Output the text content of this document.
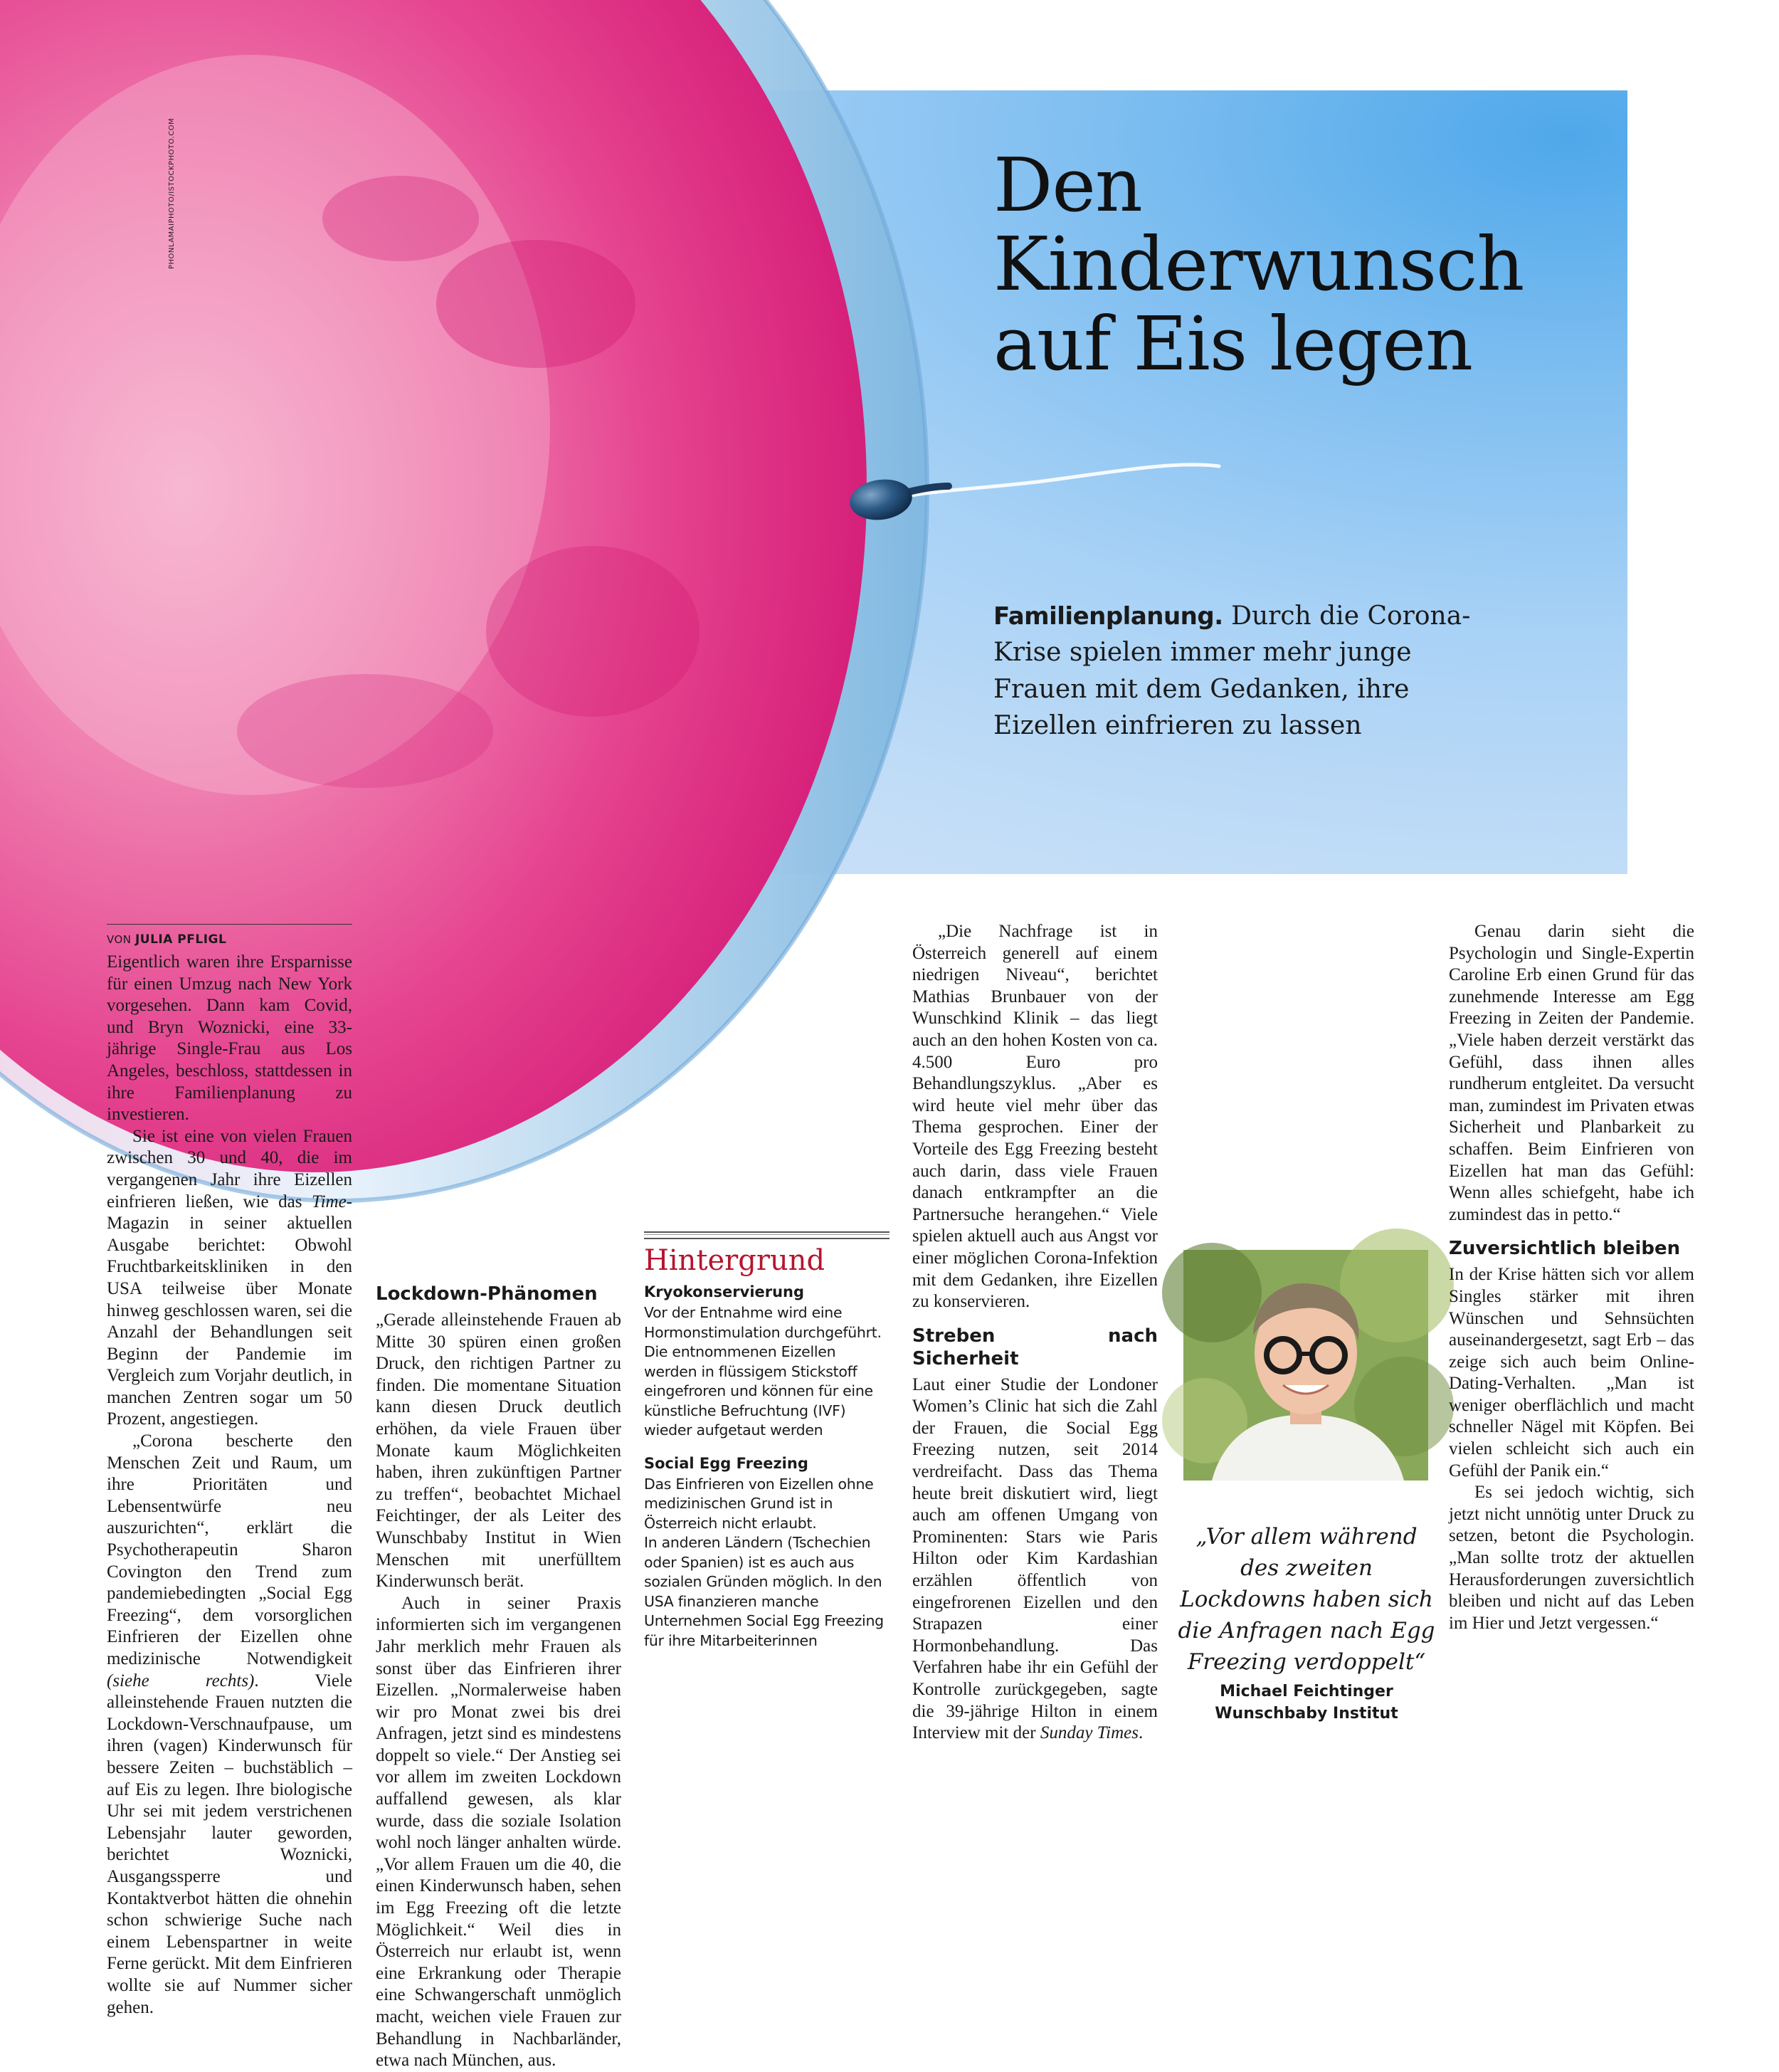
PHONLAMAIPHOTO/ISTOCKPHOTO.COM	Den
Kinderwunsch
auf Eis legen

Familienplanung. Durch die Corona-Krise spielen immer mehr junge Frauen mit dem Gedanken, ihre Eizellen einfrieren zu lassen

VON JULIA PFLIGL

Eigentlich waren ihre Ersparnisse für einen Umzug nach New York vorgesehen. Dann kam Covid, und Bryn Woznicki, eine 33-jährige Single-Frau aus Los Angeles, beschloss, stattdessen in ihre Familienplanung zu investieren.

Sie ist eine von vielen Frauen zwischen 30 und 40, die im vergangenen Jahr ihre Eizellen einfrieren ließen, wie das Time-Magazin in seiner aktuellen Ausgabe berichtet: Obwohl Fruchtbarkeitskliniken in den USA teilweise über Monate hinweg geschlossen waren, sei die Anzahl der Behandlungen seit Beginn der Pandemie im Vergleich zum Vorjahr deutlich, in manchen Zentren sogar um 50 Prozent, angestiegen.

„Corona bescherte den Menschen Zeit und Raum, um ihre Prioritäten und Lebensentwürfe neu auszurichten“, erklärt die Psychotherapeutin Sharon Covington den Trend zum pandemiebedingten „Social Egg Freezing“, dem vorsorglichen Einfrieren der Eizellen ohne medizinische Notwendigkeit (siehe rechts). Viele alleinstehende Frauen nutzten die Lockdown-Verschnaufpause, um ihren (vagen) Kinderwunsch für bessere Zeiten – buchstäblich – auf Eis zu legen. Ihre biologische Uhr sei mit jedem verstrichenen Lebensjahr lauter geworden, berichtet Woznicki, Ausgangssperre und Kontaktverbot hätten die ohnehin schon schwierige Suche nach einem Lebenspartner in weite Ferne gerückt. Mit dem Einfrieren wollte sie auf Nummer sicher gehen.

Lockdown-Phänomen

„Gerade alleinstehende Frauen ab Mitte 30 spüren einen großen Druck, den richtigen Partner zu finden. Die momentane Situation kann diesen Druck deutlich erhöhen, da viele Frauen über Monate kaum Möglichkeiten haben, ihren zukünftigen Partner zu treffen“, beobachtet Michael Feichtinger, der als Leiter des Wunschbaby Institut in Wien Menschen mit unerfülltem Kinderwunsch berät.

Auch in seiner Praxis informierten sich im vergangenen Jahr merklich mehr Frauen als sonst über das Einfrieren ihrer Eizellen. „Normalerweise haben wir pro Monat zwei bis drei Anfragen, jetzt sind es mindestens doppelt so viele.“ Der Anstieg sei vor allem im zweiten Lockdown auffallend gewesen, als klar wurde, dass die soziale Isolation wohl noch länger anhalten würde. „Vor allem Frauen um die 40, die einen Kinderwunsch haben, sehen im Egg Freezing oft die letzte Möglichkeit.“ Weil dies in Österreich nur erlaubt ist, wenn eine Erkrankung oder Therapie eine Schwangerschaft unmöglich macht, weichen viele Frauen zur Behandlung in Nachbarländer, etwa nach München, aus.

Hintergrund
Kryokonservierung

Vor der Entnahme wird eine Hormonstimulation durchgeführt. Die entnommenen Eizellen werden in flüssigem Stickstoff eingefroren und können für eine künstliche Befruchtung (IVF) wieder aufgetaut werden

Social Egg Freezing

Das Einfrieren von Eizellen ohne medizinischen Grund ist in Österreich nicht erlaubt.
In anderen Ländern (Tschechien oder Spanien) ist es auch aus sozialen Gründen möglich. In den USA finanzieren manche Unternehmen Social Egg Freezing für ihre Mitarbeiterinnen

„Die Nachfrage ist in Österreich generell auf einem niedrigen Niveau“, berichtet Mathias Brunbauer von der Wunschkind Klinik – das liegt auch an den hohen Kosten von ca. 4.500 Euro pro Behandlungszyklus. „Aber es wird heute viel mehr über das Thema gesprochen. Einer der Vorteile des Egg Freezing besteht auch darin, dass viele Frauen danach entkrampfter an die Partnersuche herangehen.“ Viele spielen aktuell auch aus Angst vor einer möglichen Corona-Infektion mit dem Gedanken, ihre Eizellen zu konservieren.

Streben nach Sicherheit

Laut einer Studie der Londoner Women’s Clinic hat sich die Zahl der Frauen, die Social Egg Freezing nutzen, seit 2014 verdreifacht. Dass das Thema heute breit diskutiert wird, liegt auch am offenen Umgang von Prominenten: Stars wie Paris Hilton oder Kim Kardashian erzählen öffentlich von eingefrorenen Eizellen und den Strapazen einer Hormonbehandlung. Das Verfahren habe ihr ein Gefühl der Kontrolle zurückgegeben, sagte die 39-jährige Hilton in einem Interview mit der Sunday Times.

„Vor allem während des zweiten Lockdowns haben sich die Anfragen nach Egg Freezing verdoppelt“

Michael Feichtinger
Wunschbaby Institut

Genau darin sieht die Psychologin und Single-Expertin Caroline Erb einen Grund für das zunehmende Interesse am Egg Freezing in Zeiten der Pandemie. „Viele haben derzeit verstärkt das Gefühl, dass ihnen alles rundherum entgleitet. Da versucht man, zumindest im Privaten etwas Sicherheit und Planbarkeit zu schaffen. Beim Einfrieren von Eizellen hat man das Gefühl: Wenn alles schiefgeht, habe ich zumindest das in petto.“

Zuversichtlich bleiben

In der Krise hätten sich vor allem Singles stärker mit ihren Wünschen und Sehnsüchten auseinandergesetzt, sagt Erb – das zeige sich auch beim Online-Dating-Verhalten. „Man ist weniger oberflächlich und macht schneller Nägel mit Köpfen. Bei vielen schleicht sich auch ein Gefühl der Panik ein.“

Es sei jedoch wichtig, sich jetzt nicht unnötig unter Druck zu setzen, betont die Psychologin. „Man sollte trotz der aktuellen Herausforderungen zuversichtlich bleiben und nicht auf das Leben im Hier und Jetzt vergessen.“
